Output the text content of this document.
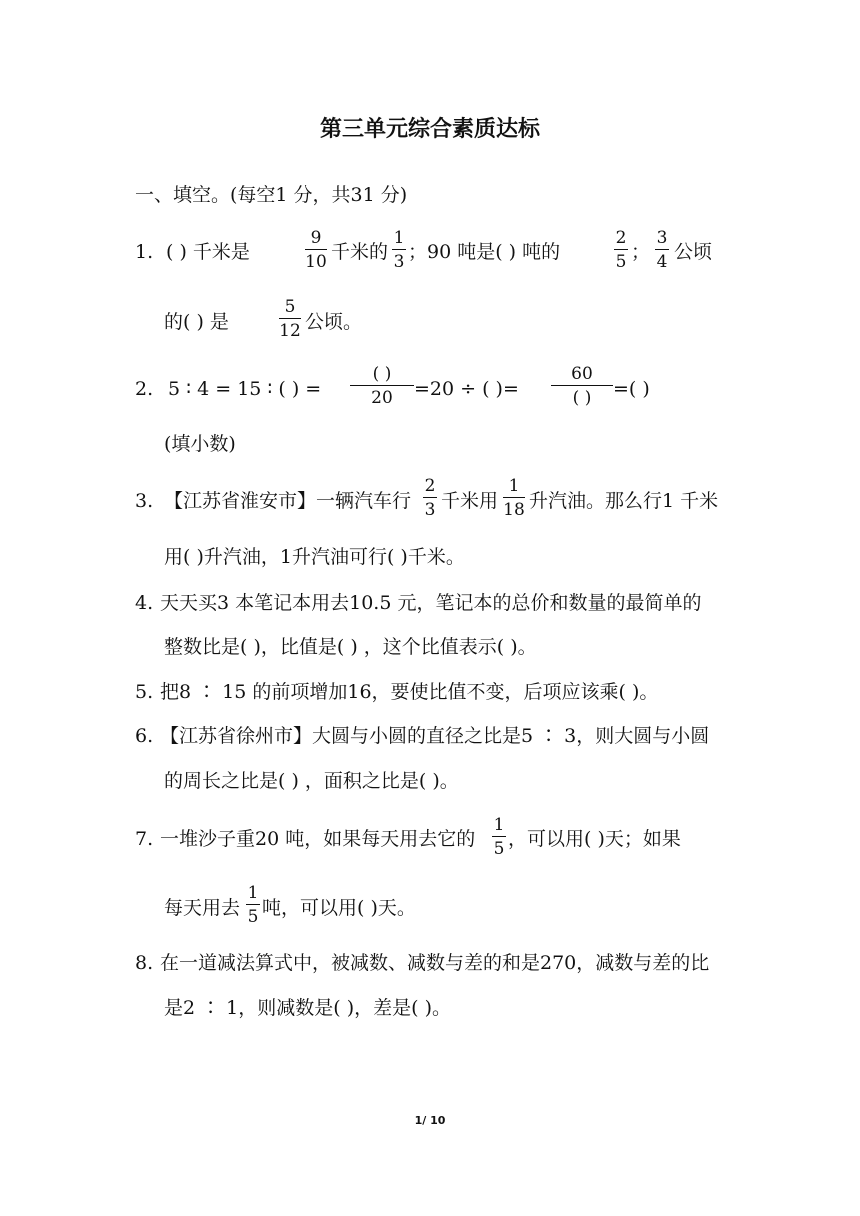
第三单元综合素质达标
一、填空。(每空1 分，共31 分)
1. ( ) 千米是
9
10 千米的
1
3 ；90 吨是( ) 吨的
2
5 ；
3
4 公顷
的( ) 是
5
12 公顷。
2. 5 ∶ 4 = 15 ∶ ( ) =
( )
20	=20 ÷ ( )=
60
( )	=( )
(填小数)
3. 【江苏省淮安市】一辆汽车行
2
3 千米用
1
18 升汽油。那么行1 千米
用( )升汽油，1升汽油可行( )千米。
4. 天天买3 本笔记本用去10.5 元，笔记本的总价和数量的最简单的
整数比是( )，比值是( ) ，这个比值表示( )。
5. 把8 ∶ 15 的前项增加16，要使比值不变，后项应该乘( )。
6. 【江苏省徐州市】大圆与小圆的直径之比是5 ∶ 3，则大圆与小圆
的周长之比是( ) ，面积之比是( )。
7. 一堆沙子重20 吨，如果每天用去它的
1
5 ，可以用( )天；如果
每天用去
1
5 吨，可以用( )天。
8. 在一道减法算式中，被减数、减数与差的和是270，减数与差的比
是2 ∶ 1，则减数是( )，差是( )。
1/ 10
